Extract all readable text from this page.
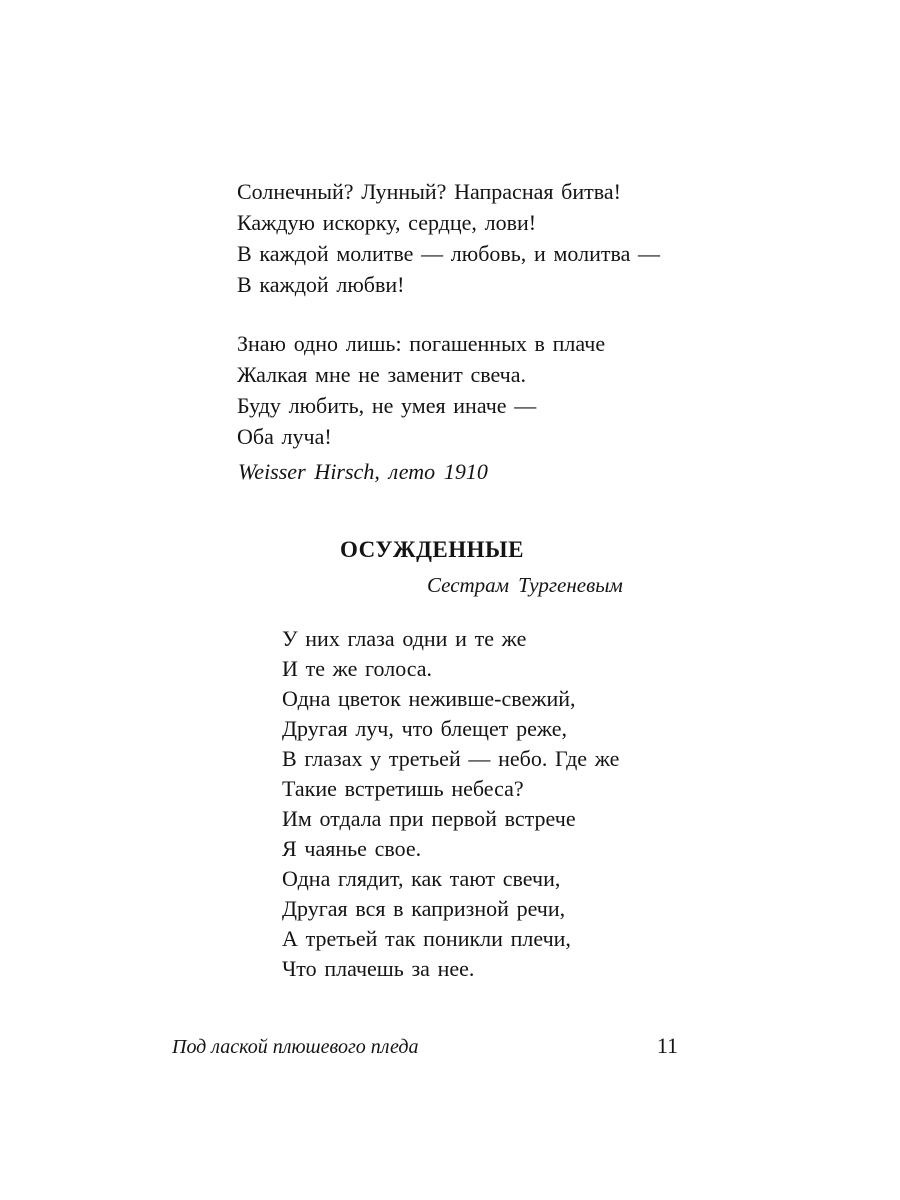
Солнечный? Лунный? Напрасная битва!
Каждую искорку, сердце, лови!
В каждой молитве — любовь, и молитва —
В каждой любви!
Знаю одно лишь: погашенных в плаче
Жалкая мне не заменит свеча.
Буду любить, не умея иначе —
Оба луча!
Weisser Hirsch, лето 1910
ОСУЖДЕННЫЕ
Сестрам Тургеневым
У них глаза одни и те же
И те же голоса.
Одна цветок неживше-свежий,
Другая луч, что блещет реже,
В глазах у третьей — небо. Где же
Такие встретишь небеса?
Им отдала при первой встрече
Я чаянье свое.
Одна глядит, как тают свечи,
Другая вся в капризной речи,
А третьей так поникли плечи,
Что плачешь за нее.
Под лаской плюшевого пледа	11
